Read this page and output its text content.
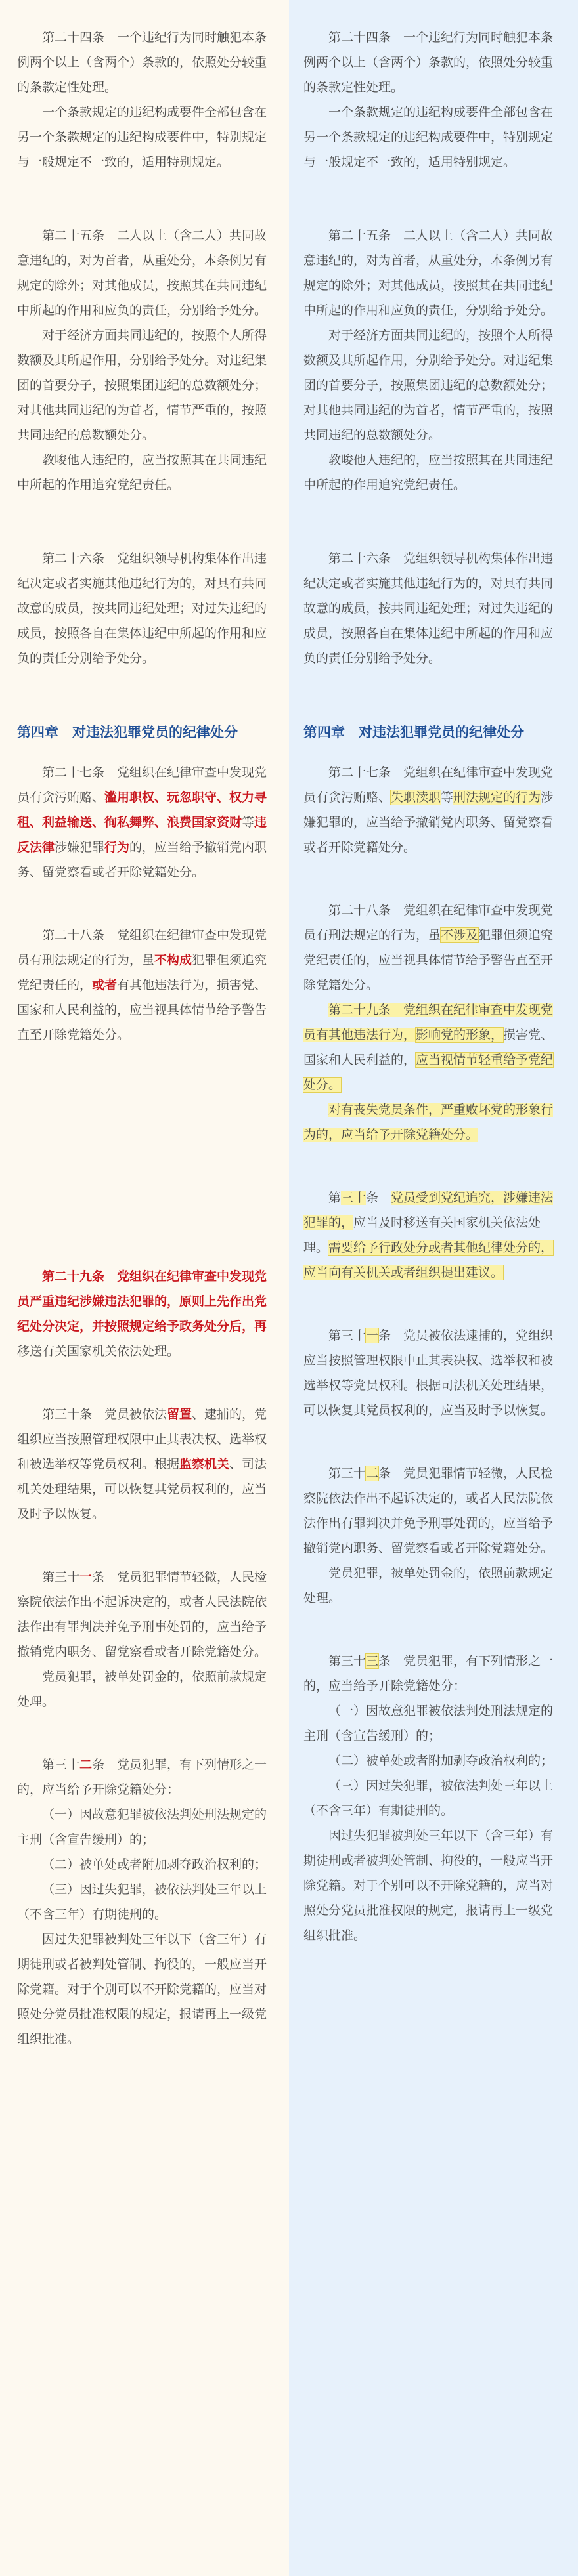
第二十四条　一个违纪行为同时触犯本条例两个以上（含两个）条款的，依照处分较重的条款定性处理。

一个条款规定的违纪构成要件全部包含在另一个条款规定的违纪构成要件中，特别规定与一般规定不一致的，适用特别规定。

第二十五条　二人以上（含二人）共同故意违纪的，对为首者，从重处分，本条例另有规定的除外；对其他成员，按照其在共同违纪中所起的作用和应负的责任，分别给予处分。

对于经济方面共同违纪的，按照个人所得数额及其所起作用，分别给予处分。对违纪集团的首要分子，按照集团违纪的总数额处分；对其他共同违纪的为首者，情节严重的，按照共同违纪的总数额处分。

教唆他人违纪的，应当按照其在共同违纪中所起的作用追究党纪责任。

第二十六条　党组织领导机构集体作出违纪决定或者实施其他违纪行为的，对具有共同故意的成员，按共同违纪处理；对过失违纪的成员，按照各自在集体违纪中所起的作用和应负的责任分别给予处分。

第四章　对违法犯罪党员的纪律处分

第二十七条　党组织在纪律审查中发现党员有贪污贿赂、滥用职权、玩忽职守、权力寻租、利益输送、徇私舞弊、浪费国家资财等违反法律涉嫌犯罪行为的，应当给予撤销党内职务、留党察看或者开除党籍处分。

第二十八条　党组织在纪律审查中发现党员有刑法规定的行为，虽不构成犯罪但须追究党纪责任的，或者有其他违法行为，损害党、国家和人民利益的，应当视具体情节给予警告直至开除党籍处分。

第二十九条　党组织在纪律审查中发现党员严重违纪涉嫌违法犯罪的，原则上先作出党纪处分决定，并按照规定给予政务处分后，再移送有关国家机关依法处理。

第三十条　党员被依法留置、逮捕的，党组织应当按照管理权限中止其表决权、选举权和被选举权等党员权利。根据监察机关、司法机关处理结果，可以恢复其党员权利的，应当及时予以恢复。

第三十一条　党员犯罪情节轻微，人民检察院依法作出不起诉决定的，或者人民法院依法作出有罪判决并免予刑事处罚的，应当给予撤销党内职务、留党察看或者开除党籍处分。

党员犯罪，被单处罚金的，依照前款规定处理。

第三十二条　党员犯罪，有下列情形之一的，应当给予开除党籍处分：

（一）因故意犯罪被依法判处刑法规定的主刑（含宣告缓刑）的；

（二）被单处或者附加剥夺政治权利的；

（三）因过失犯罪，被依法判处三年以上（不含三年）有期徒刑的。

因过失犯罪被判处三年以下（含三年）有期徒刑或者被判处管制、拘役的，一般应当开除党籍。对于个别可以不开除党籍的，应当对照处分党员批准权限的规定，报请再上一级党组织批准。

第二十四条　一个违纪行为同时触犯本条例两个以上（含两个）条款的，依照处分较重的条款定性处理。

一个条款规定的违纪构成要件全部包含在另一个条款规定的违纪构成要件中，特别规定与一般规定不一致的，适用特别规定。

第二十五条　二人以上（含二人）共同故意违纪的，对为首者，从重处分，本条例另有规定的除外；对其他成员，按照其在共同违纪中所起的作用和应负的责任，分别给予处分。

对于经济方面共同违纪的，按照个人所得数额及其所起作用，分别给予处分。对违纪集团的首要分子，按照集团违纪的总数额处分；对其他共同违纪的为首者，情节严重的，按照共同违纪的总数额处分。

教唆他人违纪的，应当按照其在共同违纪中所起的作用追究党纪责任。

第二十六条　党组织领导机构集体作出违纪决定或者实施其他违纪行为的，对具有共同故意的成员，按共同违纪处理；对过失违纪的成员，按照各自在集体违纪中所起的作用和应负的责任分别给予处分。

第四章　对违法犯罪党员的纪律处分

第二十七条　党组织在纪律审查中发现党员有贪污贿赂、失职渎职等刑法规定的行为涉嫌犯罪的，应当给予撤销党内职务、留党察看或者开除党籍处分。

第二十八条　党组织在纪律审查中发现党员有刑法规定的行为，虽不涉及犯罪但须追究党纪责任的，应当视具体情节给予警告直至开除党籍处分。

第二十九条　党组织在纪律审查中发现党员有其他违法行为，影响党的形象，损害党、国家和人民利益的，应当视情节轻重给予党纪处分。

对有丧失党员条件，严重败坏党的形象行为的，应当给予开除党籍处分。

第三十条　党员受到党纪追究，涉嫌违法犯罪的，应当及时移送有关国家机关依法处理。需要给予行政处分或者其他纪律处分的，应当向有关机关或者组织提出建议。

第三十一条　党员被依法逮捕的，党组织应当按照管理权限中止其表决权、选举权和被选举权等党员权利。根据司法机关处理结果，可以恢复其党员权利的，应当及时予以恢复。

第三十二条　党员犯罪情节轻微，人民检察院依法作出不起诉决定的，或者人民法院依法作出有罪判决并免予刑事处罚的，应当给予撤销党内职务、留党察看或者开除党籍处分。

党员犯罪，被单处罚金的，依照前款规定处理。

第三十三条　党员犯罪，有下列情形之一的，应当给予开除党籍处分：

（一）因故意犯罪被依法判处刑法规定的主刑（含宣告缓刑）的；

（二）被单处或者附加剥夺政治权利的；

（三）因过失犯罪，被依法判处三年以上（不含三年）有期徒刑的。

因过失犯罪被判处三年以下（含三年）有期徒刑或者被判处管制、拘役的，一般应当开除党籍。对于个别可以不开除党籍的，应当对照处分党员批准权限的规定，报请再上一级党组织批准。
